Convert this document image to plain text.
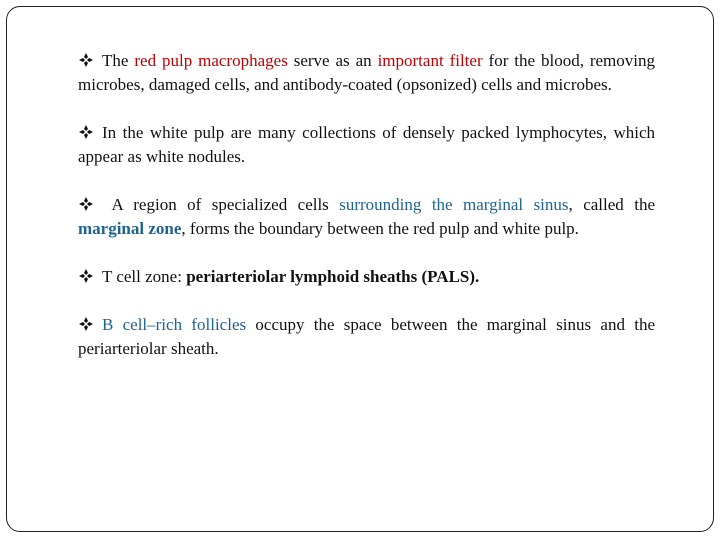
The red pulp macrophages serve as an important filter for the blood, removing microbes, damaged cells, and antibody-coated (opsonized) cells and microbes.

In the white pulp are many collections of densely packed lymphocytes, which appear as white nodules.

A region of specialized cells surrounding the marginal sinus, called the marginal zone, forms the boundary between the red pulp and white pulp.

T cell zone: periarteriolar lymphoid sheaths (PALS).

B cell–rich follicles occupy the space between the marginal sinus and the periarteriolar sheath.
